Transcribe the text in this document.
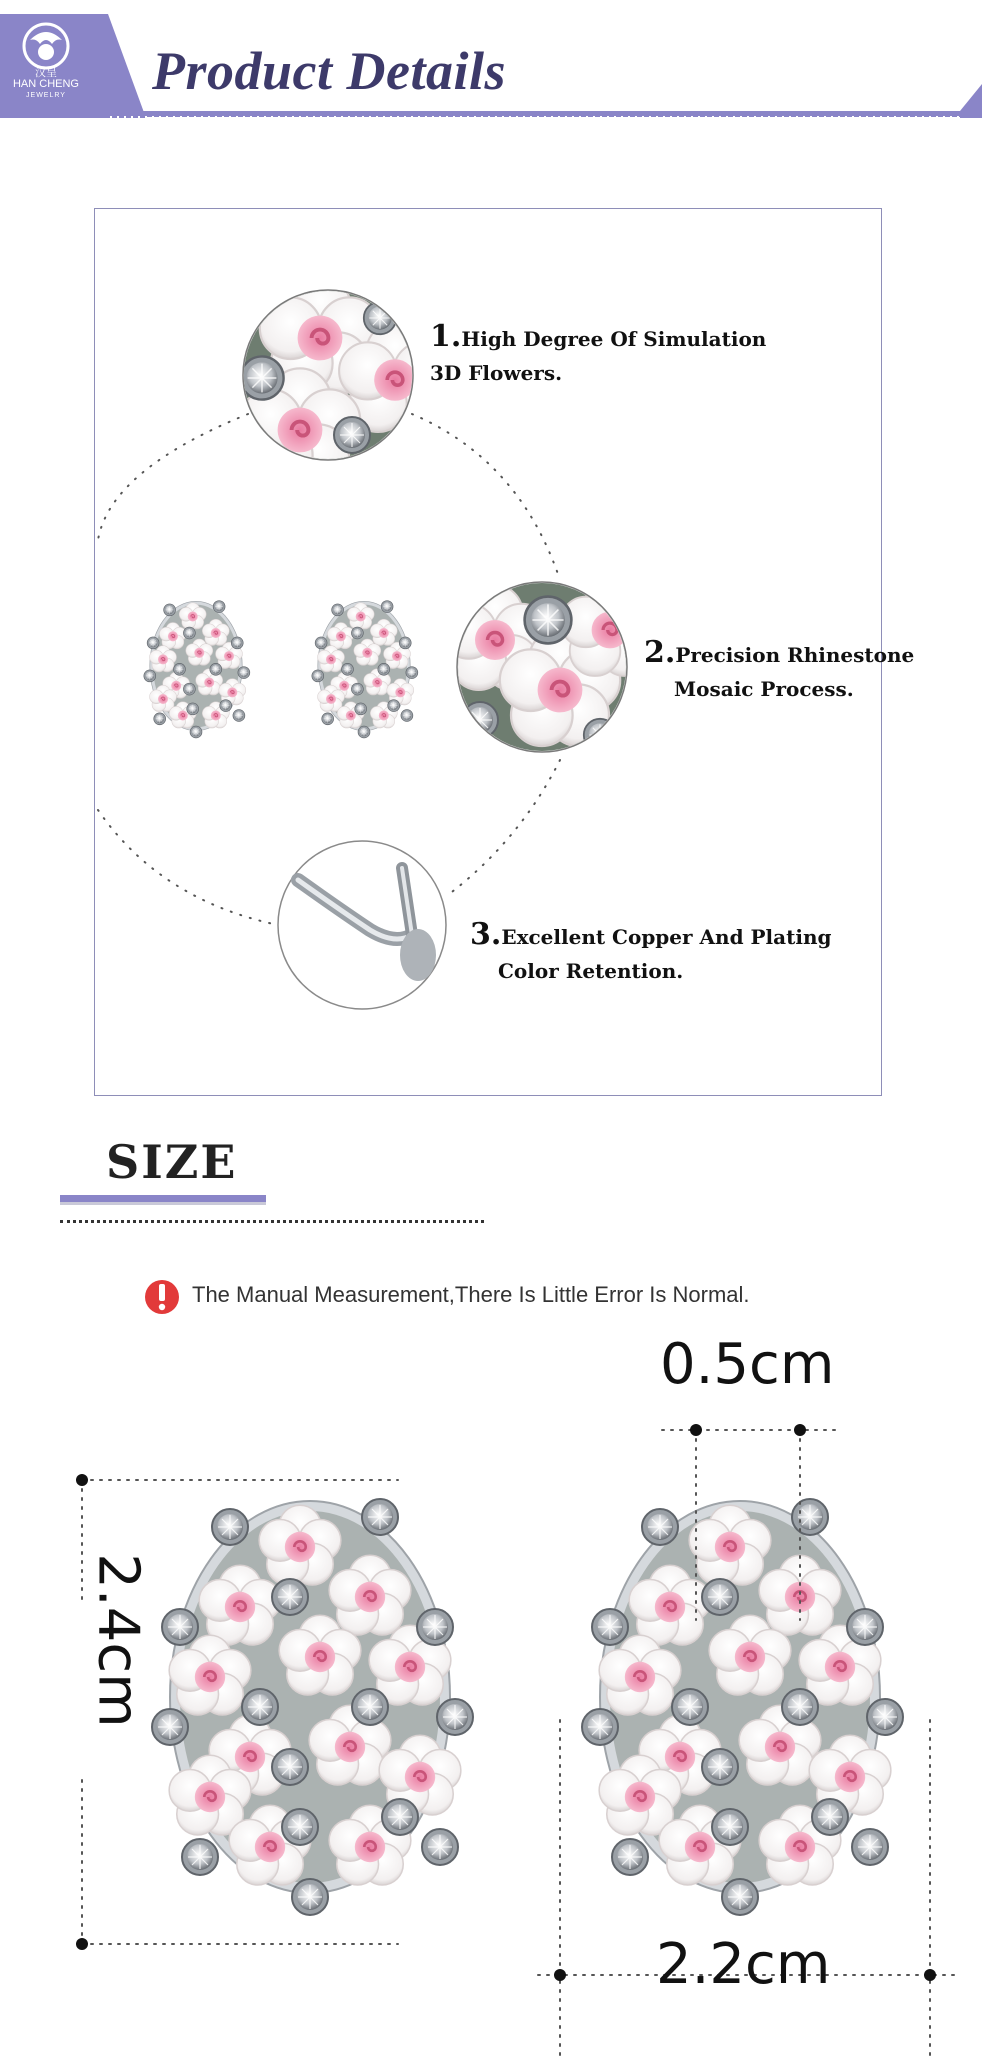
HAN CHENG
JEWELRY
汉呈	Product Details
1.High Degree Of Simulation
3D Flowers.
2.Precision Rhinestone
Mosaic Process.
3.Excellent Copper And Plating
Color Retention.
SIZE
The Manual Measurement,There Is Little Error Is Normal.
0.5cm
2.4cm
2.2cm
